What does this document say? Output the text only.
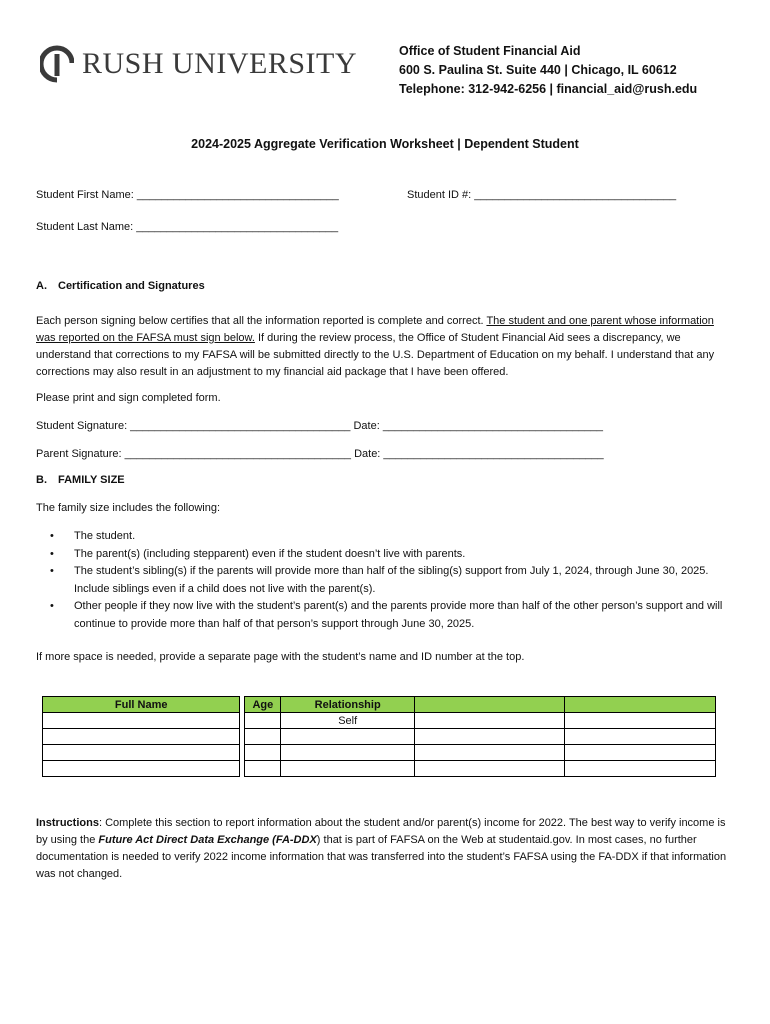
RUSH UNIVERSITY	Office of Student Financial Aid
600 S. Paulina St. Suite 440 | Chicago, IL 60612
Telephone: 312-942-6256 | financial_aid@rush.edu
2024-2025 Aggregate Verification Worksheet | Dependent Student
Student First Name: _________________________________	Student ID #: _________________________________
Student Last Name: _________________________________
A. Certification and Signatures
Each person signing below certifies that all the information reported is complete and correct. The student and one parent whose information was reported on the FAFSA must sign below. If during the review process, the Office of Student Financial Aid sees a discrepancy, we understand that corrections to my FAFSA will be submitted directly to the U.S. Department of Education on my behalf. I understand that any corrections may also result in an adjustment to my financial aid package that I have been offered.
Please print and sign completed form.
Student Signature: ____________________________________ Date: ____________________________________
Parent Signature: _____________________________________ Date: ____________________________________
B. FAMILY SIZE
The family size includes the following:
• The student.
• The parent(s) (including stepparent) even if the student doesn’t live with parents.
• The student’s sibling(s) if the parents will provide more than half of the sibling(s) support from July 1, 2024, through June 30, 2025. Include siblings even if a child does not live with the parent(s).
• Other people if they now live with the student’s parent(s) and the parents provide more than half of the other person’s support and will continue to provide more than half of that person’s support through June 30, 2025.
If more space is needed, provide a separate page with the student’s name and ID number at the top.
Full Name		Age	Relationship		
			Self		

Instructions: Complete this section to report information about the student and/or parent(s) income for 2022. The best way to verify income is by using the Future Act Direct Data Exchange (FA-DDX) that is part of FAFSA on the Web at studentaid.gov. In most cases, no further documentation is needed to verify 2022 income information that was transferred into the student’s FAFSA using the FA-DDX if that information was not changed.
